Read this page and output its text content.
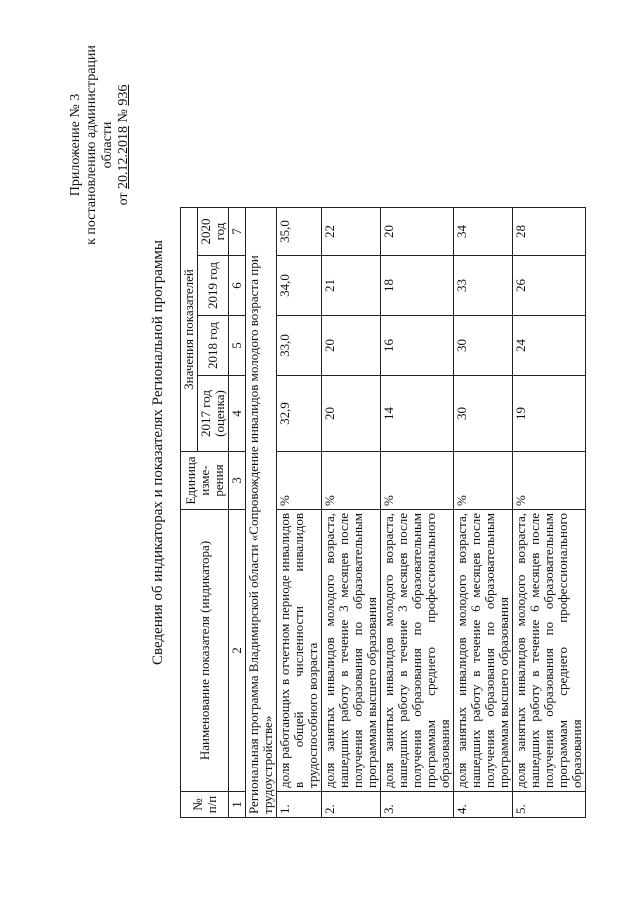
Приложение № 3 к постановлению администрации области
от 20.12.2018 № 936
Сведения об индикаторах и показателях Региональной программы
№ п/п	Наименование показателя (индикатора)	Единица изме-рения	Значения показателей			
			2017 год (оценка)	2018 год	2019 год	2020 год
1	2	3	4	5	6	7
Региональная программа Владимирской области «Сопровождение инвалидов молодого возраста при трудоустройстве»						
1.	доля работающих в отчетном периоде инвалидов в общей численности инвалидов трудоспособного возраста	%	32,9	33,0	34,0	35,0
2.	доля занятых инвалидов молодого возраста, нашедших работу в течение 3 месяцев после получения образования по образовательным программам высшего образования	%	20	20	21	22
3.	доля занятых инвалидов молодого возраста, нашедших работу в течение 3 месяцев после получения образования по образовательным программам среднего профессионального образования	%	14	16	18	20
4.	доля занятых инвалидов молодого возраста, нашедших работу в течение 6 месяцев после получения образования по образовательным программам высшего образования	%	30	30	33	34
5.	доля занятых инвалидов молодого возраста, нашедших работу в течение 6 месяцев после получения образования по образовательным программам среднего профессионального образования	%	19	24	26	28
